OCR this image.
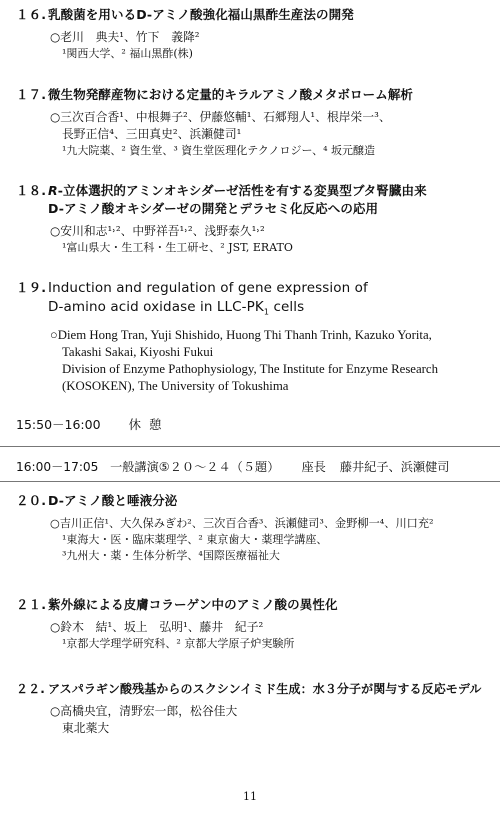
１６. 乳酸菌を用いるD-アミノ酸強化福山黒酢生産法の開発
○老川　典夫¹、竹下　義降²
¹関西大学、² 福山黒酢(株)
１７. 微生物発酵産物における定量的キラルアミノ酸メタボローム解析
○三次百合香¹、中根舞子²、伊藤悠輔¹、石郷翔人¹、根岸栄一³、
長野正信⁴、三田真史²、浜瀬健司¹
¹九大院薬、² 資生堂、³ 資生堂医理化テクノロジー、⁴ 坂元醸造
１８. R-立体選択的アミンオキシダーゼ活性を有する変異型ブタ腎臓由来
D-アミノ酸オキシダーゼの開発とデラセミ化反応への応用
○安川和志¹˒²、中野祥吾¹˒²、浅野泰久¹˒²
¹富山県大・生工科・生工研セ、² JST, ERATO
１９. Induction and regulation of gene expression of
D-amino acid oxidase in LLC-$PK_1$ cells
○Diem Hong Tran, Yuji Shishido, Huong Thi Thanh Trinh, Kazuko Yorita,
Takashi Sakai, Kiyoshi Fukui
Division of Enzyme Pathophysiology, The Institute for Enzyme Research
(KOSOKEN), The University of Tokushima
15:50－16:00 休憩
16:00－17:05 一般講演⑤２０～２４（５題） 座長 藤井紀子、浜瀬健司
２０. D-アミノ酸と唾液分泌
○吉川正信¹、大久保みぎわ²、三次百合香³、浜瀬健司³、金野柳一⁴、川口充²
¹東海大・医・臨床薬理学、² 東京歯大・薬理学講座、
³九州大・薬・生体分析学、⁴国際医療福祉大
２１. 紫外線による皮膚コラーゲン中のアミノ酸の異性化
○鈴木　結¹、坂上　弘明¹、藤井　紀子²
¹京都大学理学研究科、² 京都大学原子炉実験所
２２. アスパラギン酸残基からのスクシンイミド生成：水３分子が関与する反応モデル
○高橋央宜，清野宏一郎，松谷佳大
東北薬大
11
